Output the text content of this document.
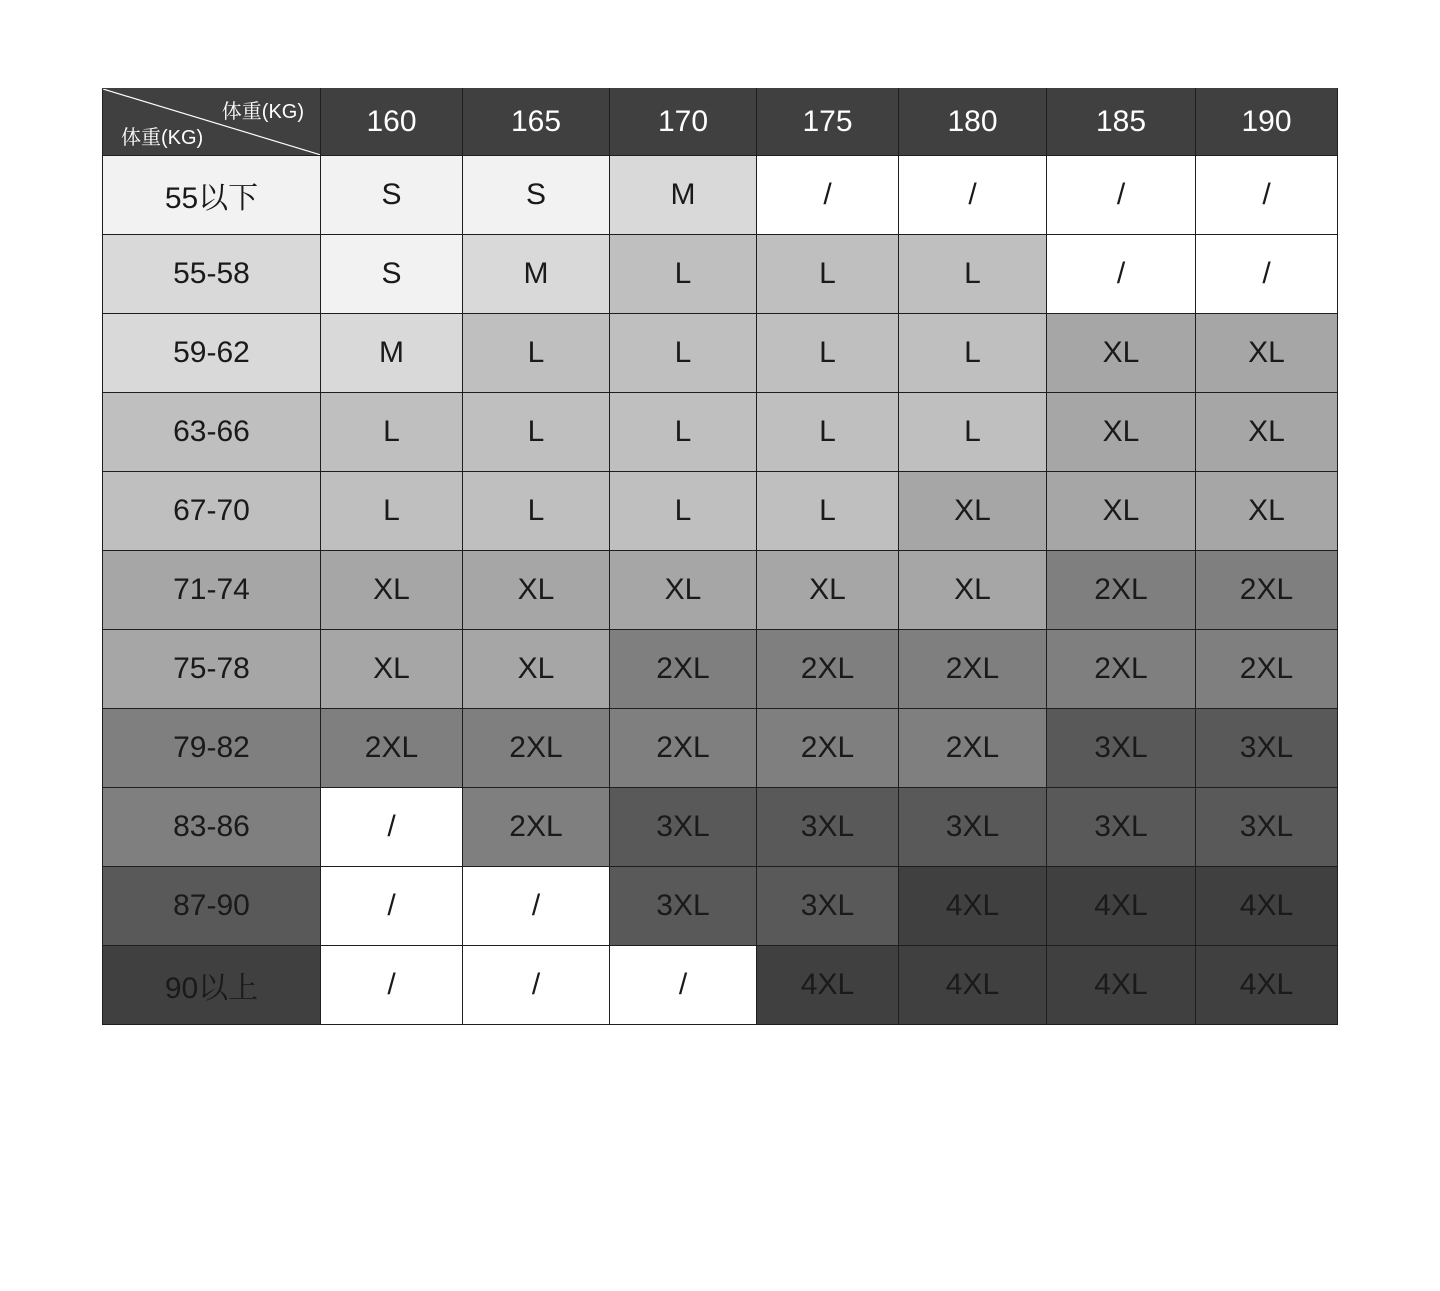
体重(KG)
体重(KG)	160	165	170	175	180	185	190
55以下	S	S	M	/	/	/	/
55-58	S	M	L	L	L	/	/
59-62	M	L	L	L	L	XL	XL
63-66	L	L	L	L	L	XL	XL
67-70	L	L	L	L	XL	XL	XL
71-74	XL	XL	XL	XL	XL	2XL	2XL
75-78	XL	XL	2XL	2XL	2XL	2XL	2XL
79-82	2XL	2XL	2XL	2XL	2XL	3XL	3XL
83-86	/	2XL	3XL	3XL	3XL	3XL	3XL
87-90	/	/	3XL	3XL	4XL	4XL	4XL
90以上	/	/	/	4XL	4XL	4XL	4XL
